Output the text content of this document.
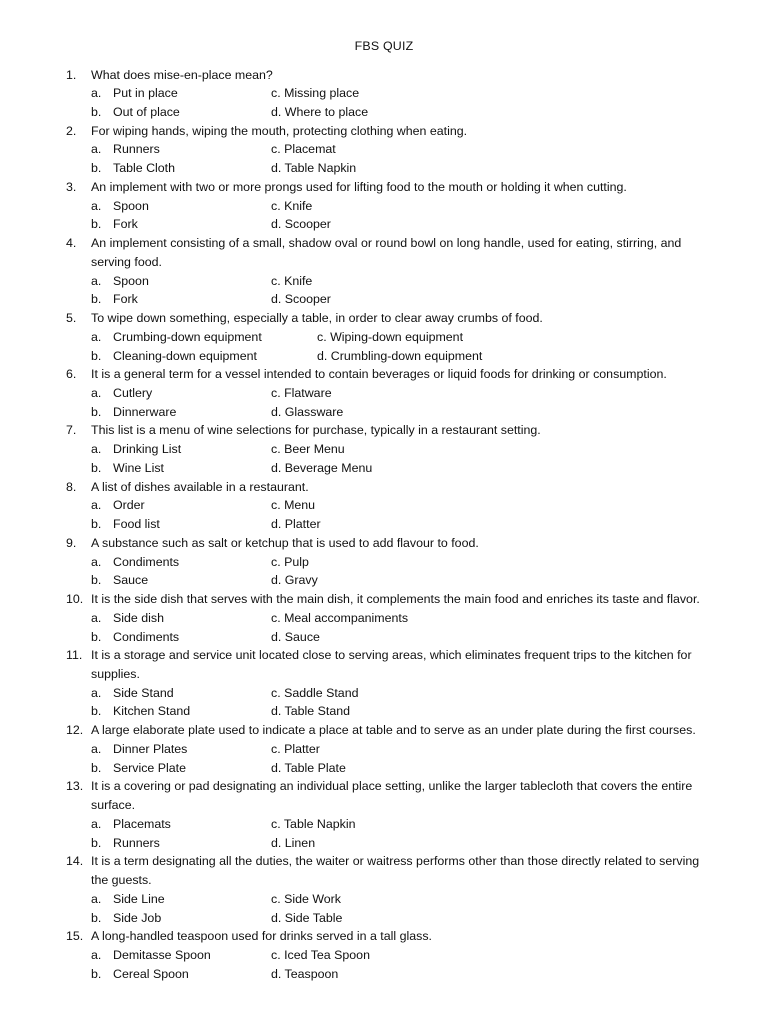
FBS QUIZ
1. What does mise-en-place mean?
a. Put in place	c. Missing place
b. Out of place	d. Where to place
2. For wiping hands, wiping the mouth, protecting clothing when eating.
a. Runners	c. Placemat
b. Table Cloth	d. Table Napkin
3. An implement with two or more prongs used for lifting food to the mouth or holding it when cutting.
a. Spoon	c. Knife
b. Fork	d. Scooper
4. An implement consisting of a small, shadow oval or round bowl on long handle, used for eating, stirring, and
serving food.
a. Spoon	c. Knife
b. Fork	d. Scooper
5. To wipe down something, especially a table, in order to clear away crumbs of food.
a. Crumbing-down equipment	c. Wiping-down equipment
b. Cleaning-down equipment	d. Crumbling-down equipment
6. It is a general term for a vessel intended to contain beverages or liquid foods for drinking or consumption.
a. Cutlery	c. Flatware
b. Dinnerware	d. Glassware
7. This list is a menu of wine selections for purchase, typically in a restaurant setting.
a. Drinking List	c. Beer Menu
b. Wine List	d. Beverage Menu
8. A list of dishes available in a restaurant.
a. Order	c. Menu
b. Food list	d. Platter
9. A substance such as salt or ketchup that is used to add flavour to food.
a. Condiments	c. Pulp
b. Sauce	d. Gravy
10. It is the side dish that serves with the main dish, it complements the main food and enriches its taste and flavor.
a. Side dish	c. Meal accompaniments
b. Condiments	d. Sauce
11. It is a storage and service unit located close to serving areas, which eliminates frequent trips to the kitchen for
supplies.
a. Side Stand	c. Saddle Stand
b. Kitchen Stand	d. Table Stand
12. A large elaborate plate used to indicate a place at table and to serve as an under plate during the first courses.
a. Dinner Plates	c. Platter
b. Service Plate	d. Table Plate
13. It is a covering or pad designating an individual place setting, unlike the larger tablecloth that covers the entire
surface.
a. Placemats	c. Table Napkin
b. Runners	d. Linen
14. It is a term designating all the duties, the waiter or waitress performs other than those directly related to serving
the guests.
a. Side Line	c. Side Work
b. Side Job	d. Side Table
15. A long-handled teaspoon used for drinks served in a tall glass.
a. Demitasse Spoon	c. Iced Tea Spoon
b. Cereal Spoon	d. Teaspoon
